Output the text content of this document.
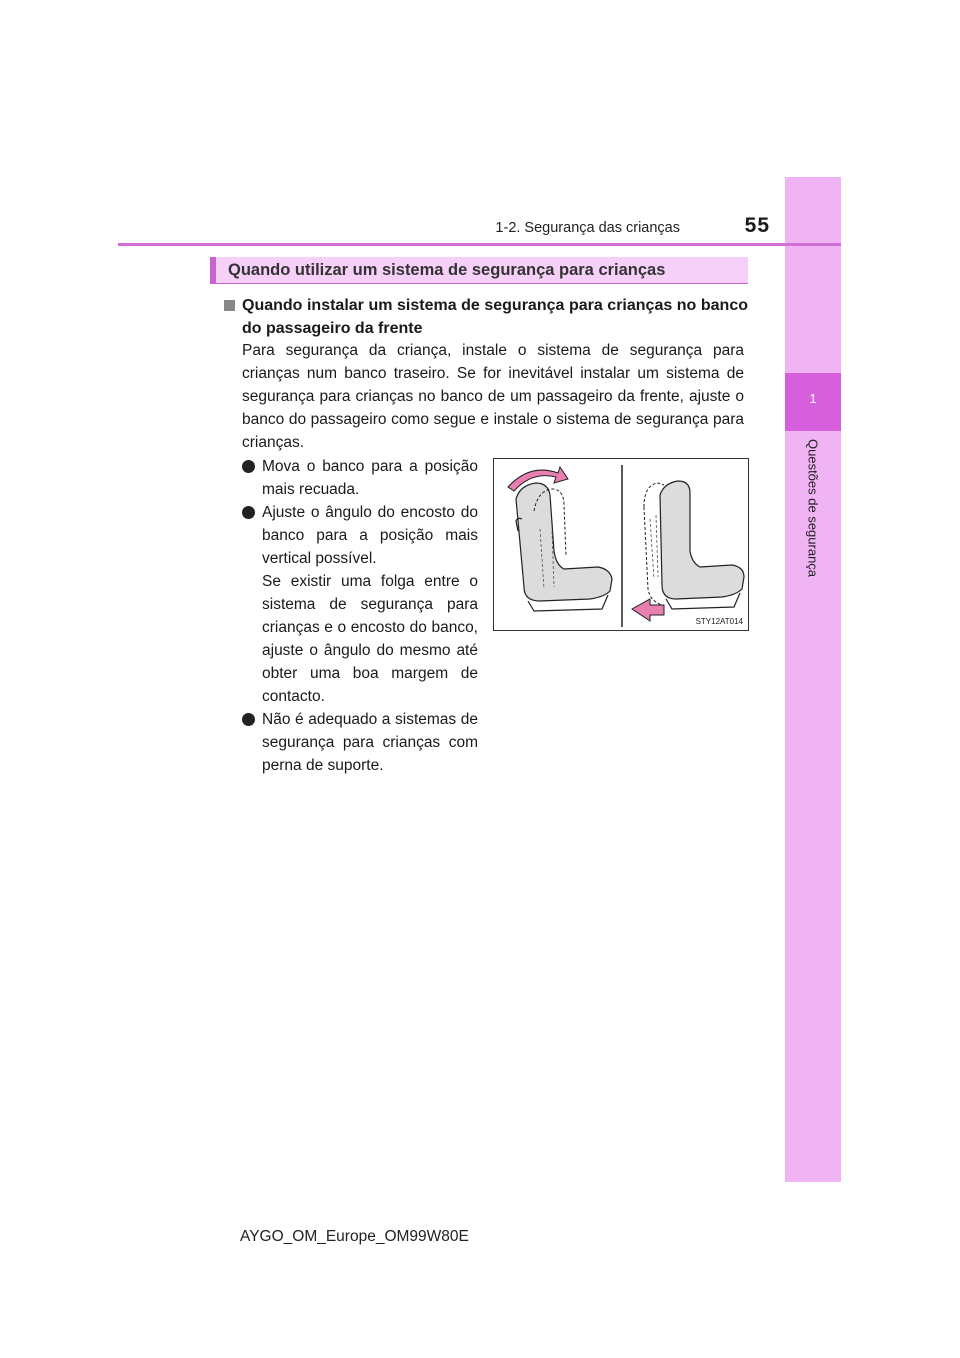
1
Questões de segurança
1-2. Segurança das crianças	55
Quando utilizar um sistema de segurança para crianças
Quando instalar um sistema de segurança para crianças no banco do passageiro da frente
Para segurança da criança, instale o sistema de segurança para crianças num banco traseiro. Se for inevitável instalar um sistema de segurança para crianças no banco de um passageiro da frente, ajuste o banco do passageiro como segue e instale o sistema de segurança para crianças.
Mova o banco para a posição mais recuada.
Ajuste o ângulo do encosto do banco para a posição mais vertical possível.
Se existir uma folga entre o sistema de segurança para crianças e o encosto do banco, ajuste o ângulo do mesmo até obter uma boa margem de contacto.
Não é adequado a sistemas de segurança para crianças com perna de suporte.
STY12AT014
AYGO_OM_Europe_OM99W80E
